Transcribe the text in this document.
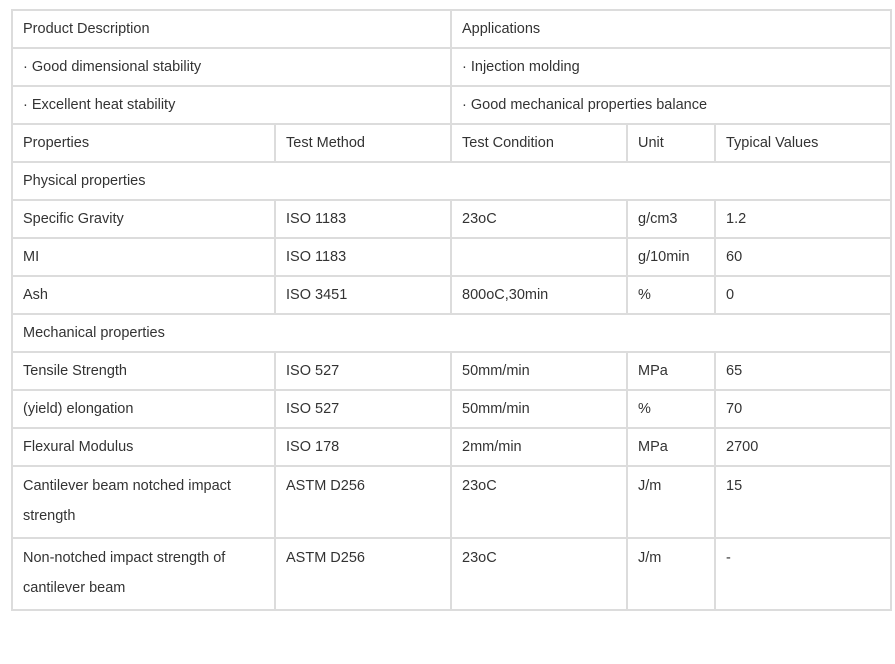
Product Description		Applications		
· Good dimensional stability		· Injection molding		
· Excellent heat stability		· Good mechanical properties balance		
Properties	Test Method	Test Condition	Unit	Typical Values
Physical properties				
Specific Gravity	ISO 1183	23oC	g/cm3	1.2
MI	ISO 1183		g/10min	60
Ash	ISO 3451	800oC,30min	%	0
Mechanical properties				
Tensile Strength	ISO 527	50mm/min	MPa	65
(yield) elongation	ISO 527	50mm/min	%	70
Flexural Modulus	ISO 178	2mm/min	MPa	2700
Cantilever beam notched impact strength	ASTM D256	23oC	J/m	15
Non-notched impact strength of cantilever beam	ASTM D256	23oC	J/m	-
